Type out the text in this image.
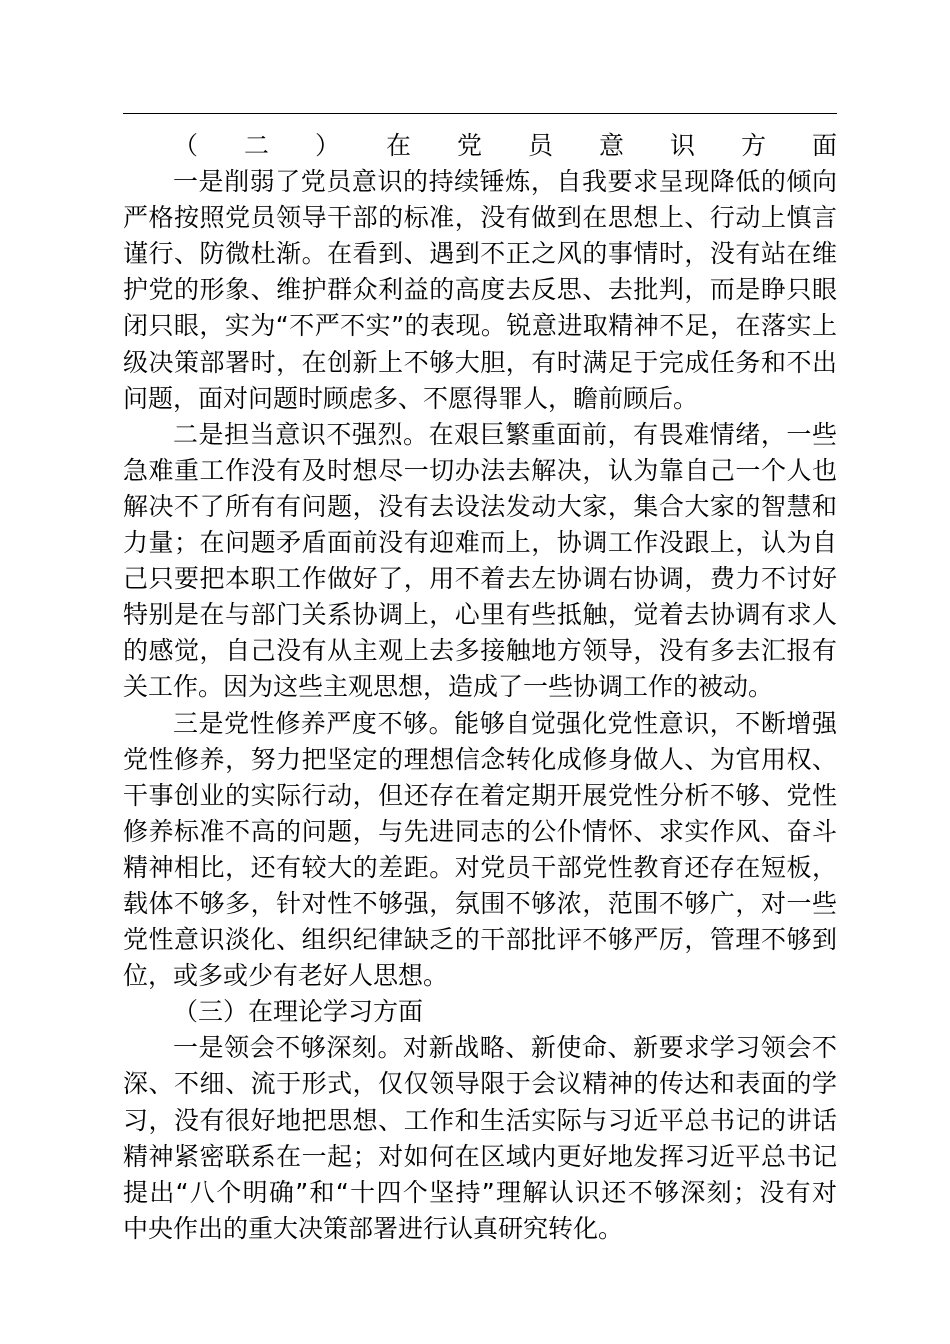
（二）在党员意识方面
一是削弱了党员意识的持续锤炼，自我要求呈现降低的倾向
严格按照党员领导干部的标准，没有做到在思想上、行动上慎言
谨行、防微杜渐。在看到、遇到不正之风的事情时，没有站在维
护党的形象、维护群众利益的高度去反思、去批判，而是睁只眼
闭只眼，实为“不严不实”的表现。锐意进取精神不足，在落实上
级决策部署时，在创新上不够大胆，有时满足于完成任务和不出
问题，面对问题时顾虑多、不愿得罪人，瞻前顾后。
二是担当意识不强烈。在艰巨繁重面前，有畏难情绪，一些
急难重工作没有及时想尽一切办法去解决，认为靠自己一个人也
解决不了所有有问题，没有去设法发动大家，集合大家的智慧和
力量；在问题矛盾面前没有迎难而上，协调工作没跟上，认为自
己只要把本职工作做好了，用不着去左协调右协调，费力不讨好
特别是在与部门关系协调上，心里有些抵触，觉着去协调有求人
的感觉，自己没有从主观上去多接触地方领导，没有多去汇报有
关工作。因为这些主观思想，造成了一些协调工作的被动。
三是党性修养严度不够。能够自觉强化党性意识，不断增强
党性修养，努力把坚定的理想信念转化成修身做人、为官用权、
干事创业的实际行动，但还存在着定期开展党性分析不够、党性
修养标准不高的问题，与先进同志的公仆情怀、求实作风、奋斗
精神相比，还有较大的差距。对党员干部党性教育还存在短板，
载体不够多，针对性不够强，氛围不够浓，范围不够广，对一些
党性意识淡化、组织纪律缺乏的干部批评不够严厉，管理不够到
位，或多或少有老好人思想。
（三）在理论学习方面
一是领会不够深刻。对新战略、新使命、新要求学习领会不
深、不细、流于形式，仅仅领导限于会议精神的传达和表面的学
习，没有很好地把思想、工作和生活实际与习近平总书记的讲话
精神紧密联系在一起；对如何在区域内更好地发挥习近平总书记
提出“八个明确”和“十四个坚持”理解认识还不够深刻；没有对
中央作出的重大决策部署进行认真研究转化。
